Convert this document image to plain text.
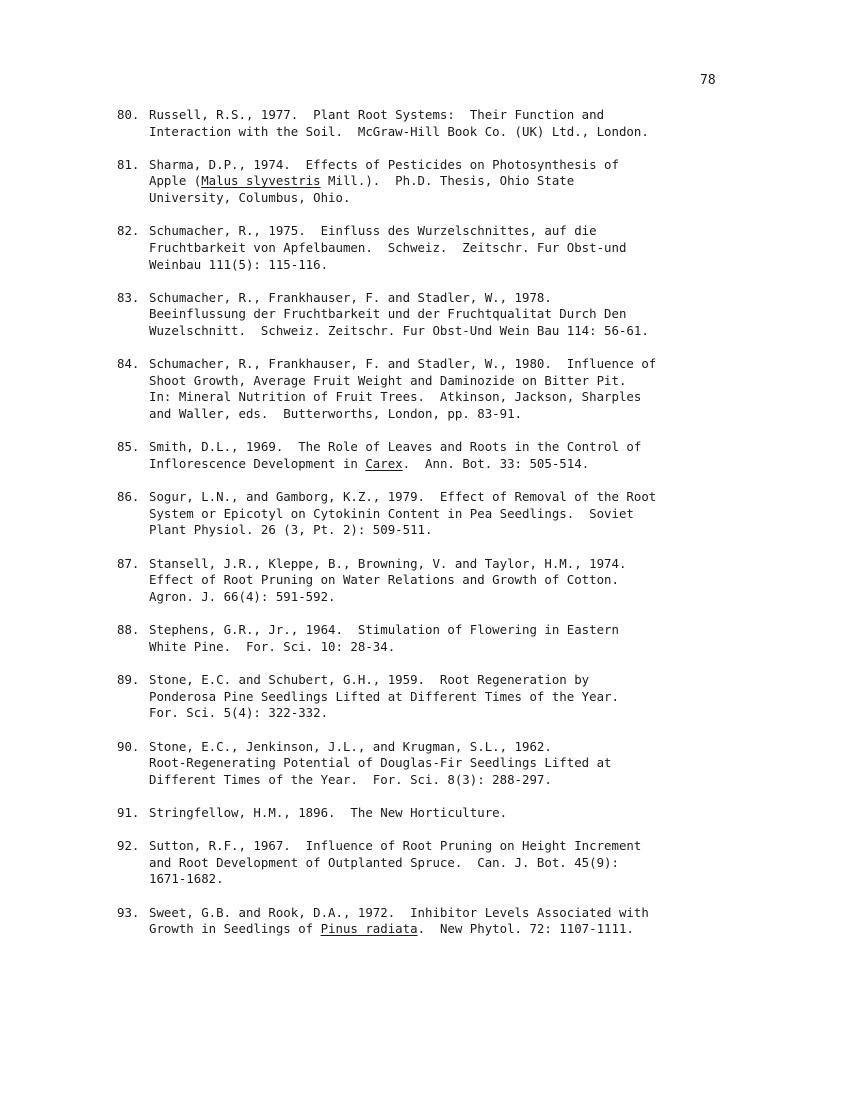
78
80. Russell, R.S., 1977.  Plant Root Systems:  Their Function and
Interaction with the Soil.  McGraw-Hill Book Co. (UK) Ltd., London.
81. Sharma, D.P., 1974.  Effects of Pesticides on Photosynthesis of
Apple (Malus slyvestris Mill.).  Ph.D. Thesis, Ohio State
University, Columbus, Ohio.
82. Schumacher, R., 1975.  Einfluss des Wurzelschnittes, auf die
Fruchtbarkeit von Apfelbaumen.  Schweiz.  Zeitschr. Fur Obst-und
Weinbau 111(5): 115-116.
83. Schumacher, R., Frankhauser, F. and Stadler, W., 1978.
Beeinflussung der Fruchtbarkeit und der Fruchtqualitat Durch Den
Wuzelschnitt.  Schweiz. Zeitschr. Fur Obst-Und Wein Bau 114: 56-61.
84. Schumacher, R., Frankhauser, F. and Stadler, W., 1980.  Influence of
Shoot Growth, Average Fruit Weight and Daminozide on Bitter Pit.
In: Mineral Nutrition of Fruit Trees.  Atkinson, Jackson, Sharples
and Waller, eds.  Butterworths, London, pp. 83-91.
85. Smith, D.L., 1969.  The Role of Leaves and Roots in the Control of
Inflorescence Development in Carex.  Ann. Bot. 33: 505-514.
86. Sogur, L.N., and Gamborg, K.Z., 1979.  Effect of Removal of the Root
System or Epicotyl on Cytokinin Content in Pea Seedlings.  Soviet
Plant Physiol. 26 (3, Pt. 2): 509-511.
87. Stansell, J.R., Kleppe, B., Browning, V. and Taylor, H.M., 1974.
Effect of Root Pruning on Water Relations and Growth of Cotton.
Agron. J. 66(4): 591-592.
88. Stephens, G.R., Jr., 1964.  Stimulation of Flowering in Eastern
White Pine.  For. Sci. 10: 28-34.
89. Stone, E.C. and Schubert, G.H., 1959.  Root Regeneration by
Ponderosa Pine Seedlings Lifted at Different Times of the Year.
For. Sci. 5(4): 322-332.
90. Stone, E.C., Jenkinson, J.L., and Krugman, S.L., 1962.
Root-Regenerating Potential of Douglas-Fir Seedlings Lifted at
Different Times of the Year.  For. Sci. 8(3): 288-297.
91. Stringfellow, H.M., 1896.  The New Horticulture.
92. Sutton, R.F., 1967.  Influence of Root Pruning on Height Increment
and Root Development of Outplanted Spruce.  Can. J. Bot. 45(9):
1671-1682.
93. Sweet, G.B. and Rook, D.A., 1972.  Inhibitor Levels Associated with
Growth in Seedlings of Pinus radiata.  New Phytol. 72: 1107-1111.
